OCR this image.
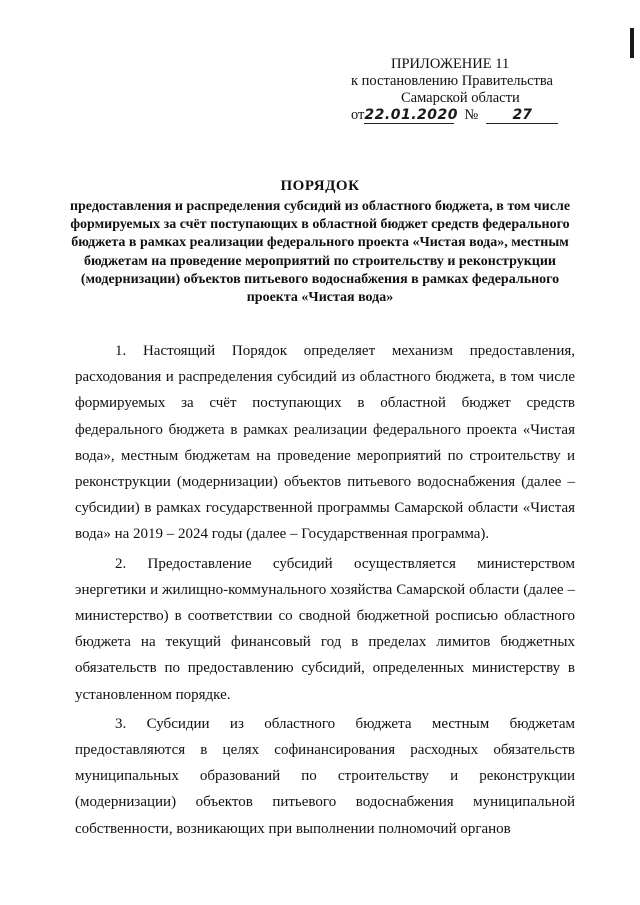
ПРИЛОЖЕНИЕ 11
к постановлению Правительства
Самарской области
от 22.01.2020 №	27
ПОРЯДОК
предоставления и распределения субсидий из областного бюджета, в том числе формируемых за счёт поступающих в областной бюджет средств федерального бюджета в рамках реализации федерального проекта «Чистая вода», местным бюджетам на проведение мероприятий по строительству и реконструкции (модернизации) объектов питьевого водоснабжения в рамках федерального проекта «Чистая вода»

1. Настоящий Порядок определяет механизм предоставления, расходования и распределения субсидий из областного бюджета, в том числе формируемых за счёт поступающих в областной бюджет средств федерального бюджета в рамках реализации федерального проекта «Чистая вода», местным бюджетам на проведение мероприятий по строительству и реконструкции (модернизации) объектов питьевого водоснабжения (далее – субсидии) в рамках государственной программы Самарской области «Чистая вода» на 2019 – 2024 годы (далее – Государственная программа).

2. Предоставление субсидий осуществляется министерством энергетики и жилищно-коммунального хозяйства Самарской области (далее – министерство) в соответствии со сводной бюджетной росписью областного бюджета на текущий финансовый год в пределах лимитов бюджетных обязательств по предоставлению субсидий, определенных министерству в установленном порядке.

3. Субсидии из областного бюджета местным бюджетам предоставляются в целях софинансирования расходных обязательств муниципальных образований по строительству и реконструкции (модернизации) объектов питьевого водоснабжения муниципальной собственности, возникающих при выполнении полномочий органов
